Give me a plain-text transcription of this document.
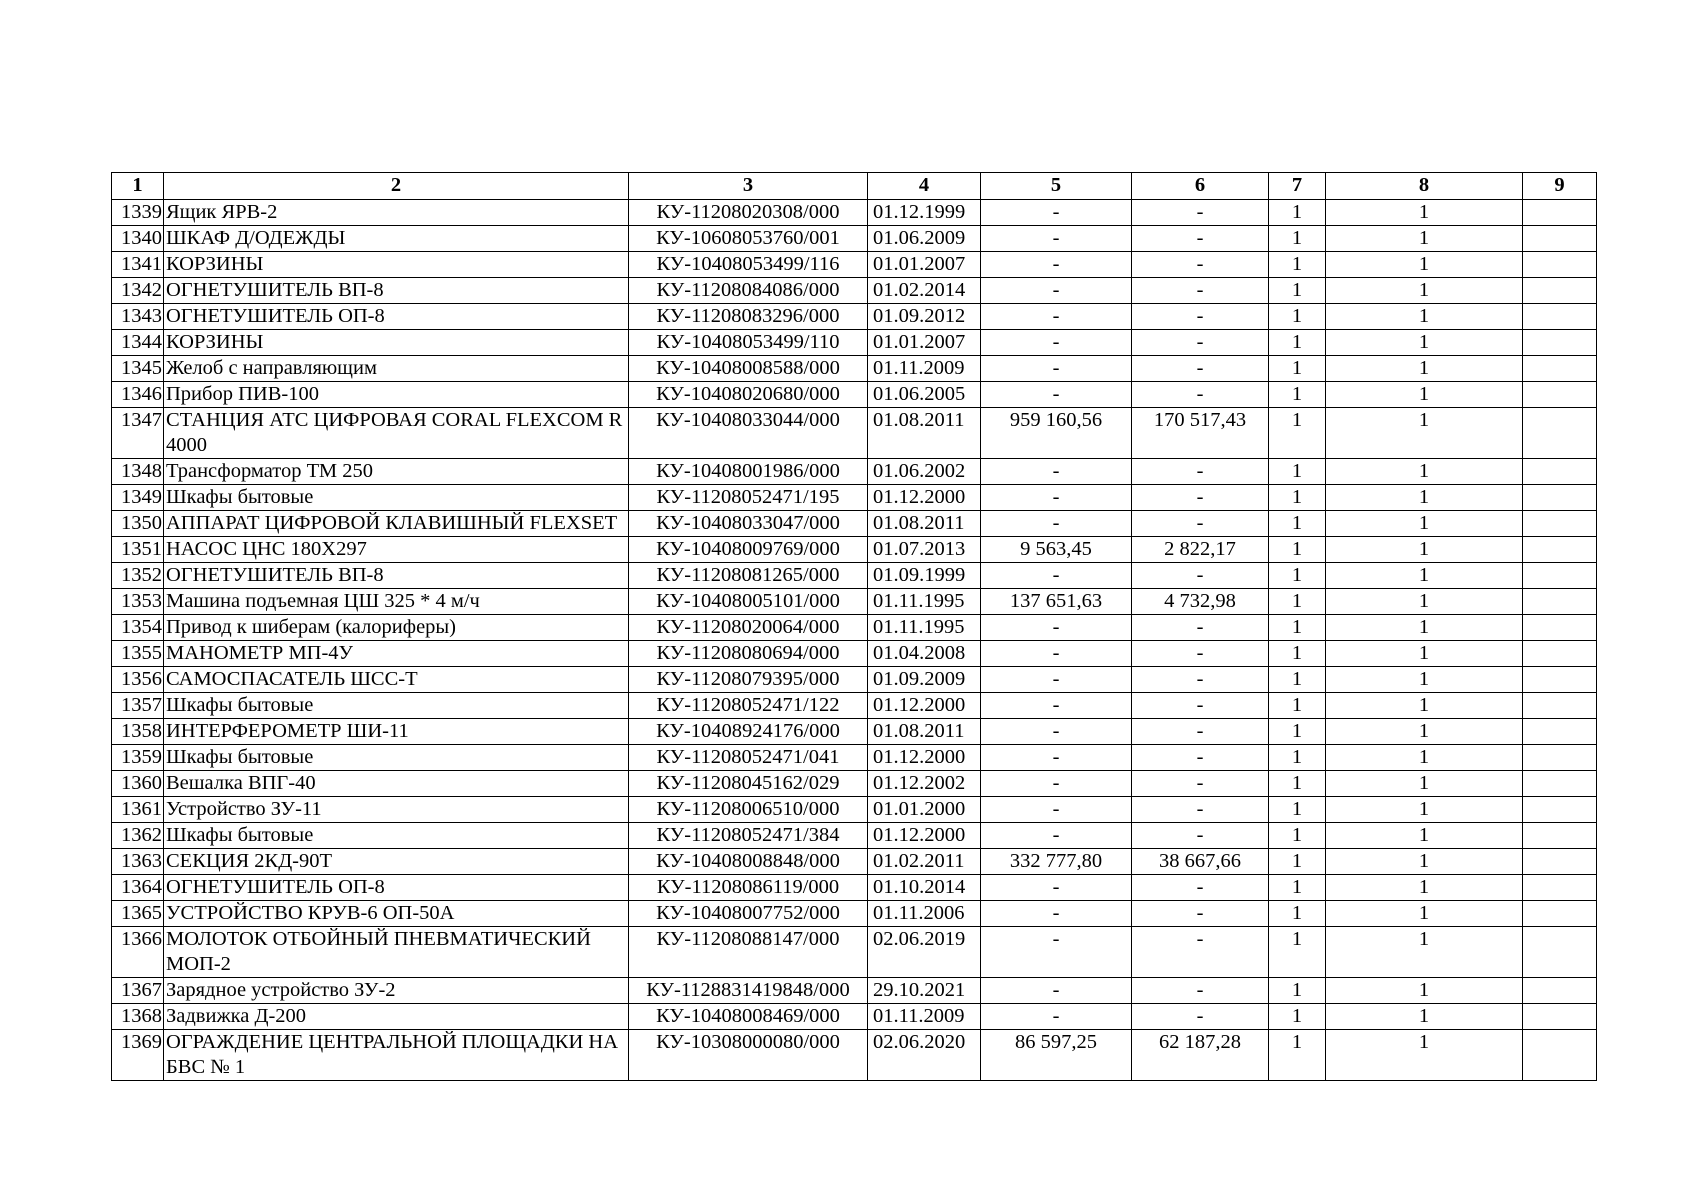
1	2	3	4	5	6	7	8	9
1339	Ящик ЯРВ-2	КУ-11208020308/000	01.12.1999	-	-	1	1	
1340	ШКАФ Д/ОДЕЖДЫ	КУ-10608053760/001	01.06.2009	-	-	1	1	
1341	КОРЗИНЫ	КУ-10408053499/116	01.01.2007	-	-	1	1	
1342	ОГНЕТУШИТЕЛЬ ВП-8	КУ-11208084086/000	01.02.2014	-	-	1	1	
1343	ОГНЕТУШИТЕЛЬ ОП-8	КУ-11208083296/000	01.09.2012	-	-	1	1	
1344	КОРЗИНЫ	КУ-10408053499/110	01.01.2007	-	-	1	1	
1345	Желоб с направляющим	КУ-10408008588/000	01.11.2009	-	-	1	1	
1346	Прибор ПИВ-100	КУ-10408020680/000	01.06.2005	-	-	1	1	
1347	СТАНЦИЯ АТС ЦИФРОВАЯ CORAL FLEXCOM R 4000	КУ-10408033044/000	01.08.2011	959 160,56	170 517,43	1	1	
1348	Трансформатор ТМ 250	КУ-10408001986/000	01.06.2002	-	-	1	1	
1349	Шкафы бытовые	КУ-11208052471/195	01.12.2000	-	-	1	1	
1350	АППАРАТ ЦИФРОВОЙ КЛАВИШНЫЙ FLEXSET	КУ-10408033047/000	01.08.2011	-	-	1	1	
1351	НАСОС ЦНС 180Х297	КУ-10408009769/000	01.07.2013	9 563,45	2 822,17	1	1	
1352	ОГНЕТУШИТЕЛЬ ВП-8	КУ-11208081265/000	01.09.1999	-	-	1	1	
1353	Машина подъемная ЦШ 325 * 4 м/ч	КУ-10408005101/000	01.11.1995	137 651,63	4 732,98	1	1	
1354	Привод к шиберам (калориферы)	КУ-11208020064/000	01.11.1995	-	-	1	1	
1355	МАНОМЕТР МП-4У	КУ-11208080694/000	01.04.2008	-	-	1	1	
1356	САМОСПАСАТЕЛЬ ШСС-Т	КУ-11208079395/000	01.09.2009	-	-	1	1	
1357	Шкафы бытовые	КУ-11208052471/122	01.12.2000	-	-	1	1	
1358	ИНТЕРФЕРОМЕТР ШИ-11	КУ-10408924176/000	01.08.2011	-	-	1	1	
1359	Шкафы бытовые	КУ-11208052471/041	01.12.2000	-	-	1	1	
1360	Вешалка ВПГ-40	КУ-11208045162/029	01.12.2002	-	-	1	1	
1361	Устройство ЗУ-11	КУ-11208006510/000	01.01.2000	-	-	1	1	
1362	Шкафы бытовые	КУ-11208052471/384	01.12.2000	-	-	1	1	
1363	СЕКЦИЯ 2КД-90Т	КУ-10408008848/000	01.02.2011	332 777,80	38 667,66	1	1	
1364	ОГНЕТУШИТЕЛЬ ОП-8	КУ-11208086119/000	01.10.2014	-	-	1	1	
1365	УСТРОЙСТВО КРУВ-6 ОП-50А	КУ-10408007752/000	01.11.2006	-	-	1	1	
1366	МОЛОТОК ОТБОЙНЫЙ ПНЕВМАТИЧЕСКИЙ МОП-2	КУ-11208088147/000	02.06.2019	-	-	1	1	
1367	Зарядное устройство ЗУ-2	КУ-1128831419848/000	29.10.2021	-	-	1	1	
1368	Задвижка Д-200	КУ-10408008469/000	01.11.2009	-	-	1	1	
1369	ОГРАЖДЕНИЕ ЦЕНТРАЛЬНОЙ ПЛОЩАДКИ НА БВС № 1	КУ-10308000080/000	02.06.2020	86 597,25	62 187,28	1	1	
